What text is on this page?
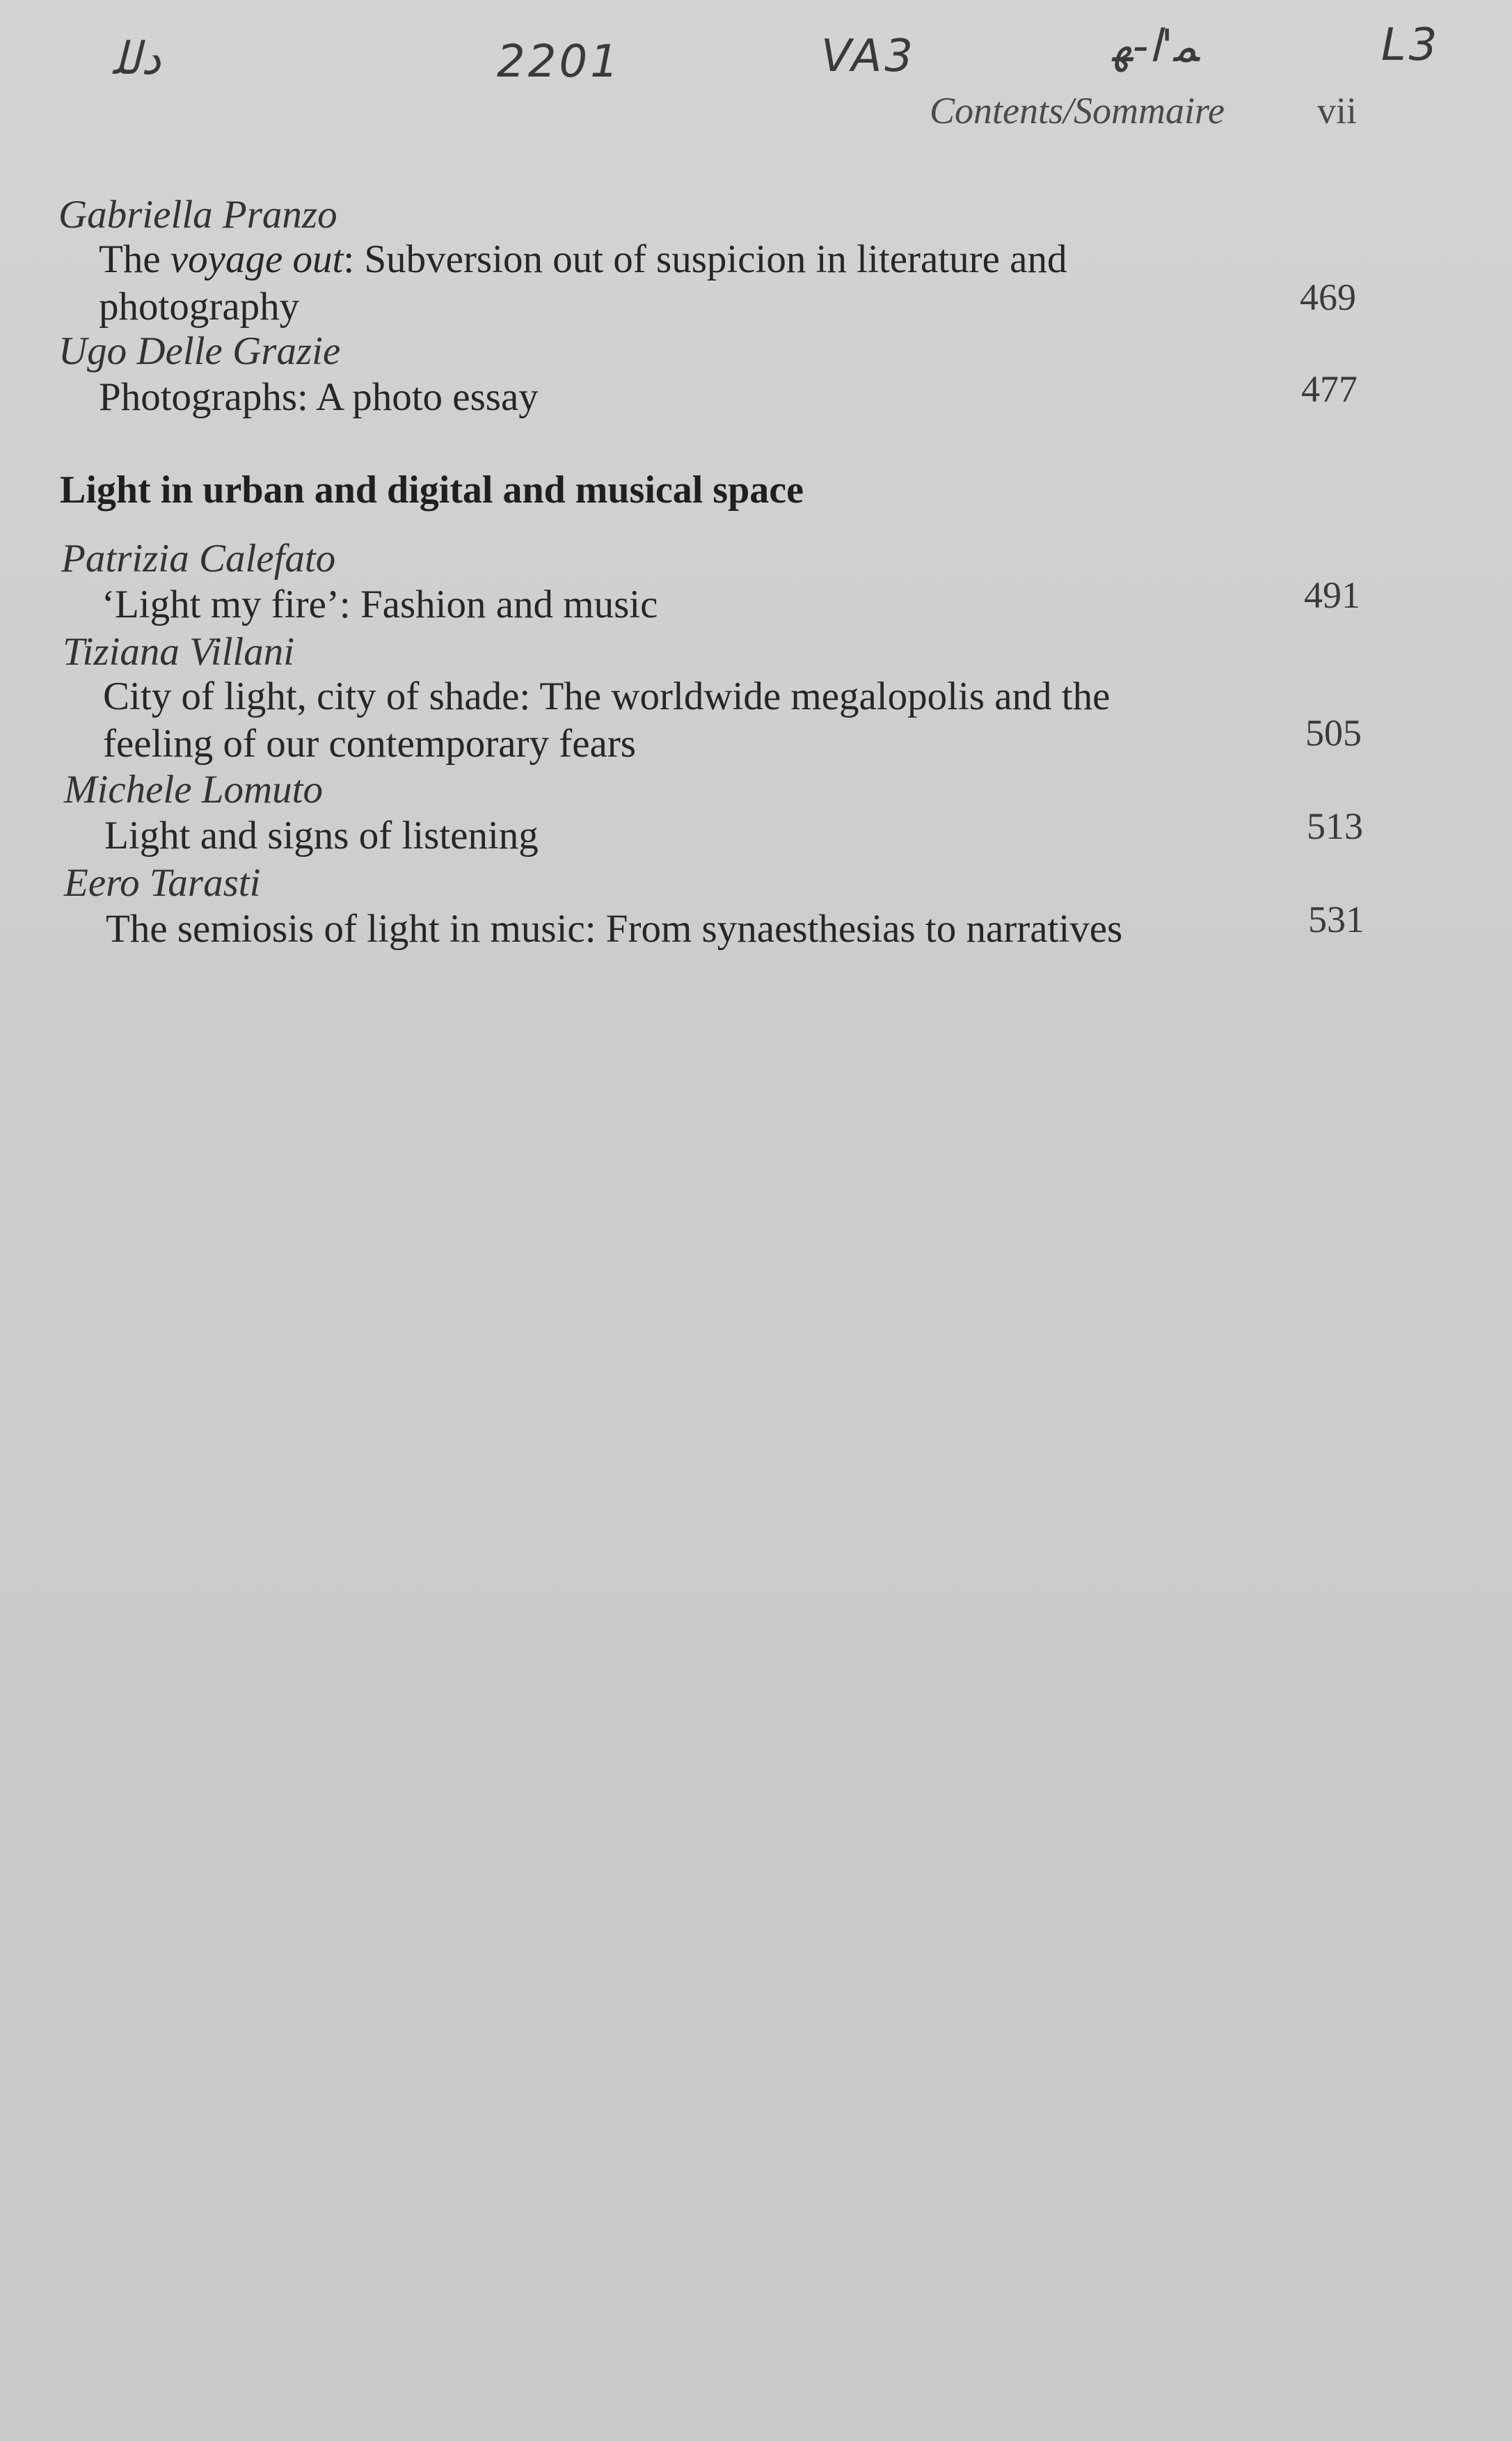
ﺩﻟﻠ	2201	VA3	ﻤ'ﺍ-ﻬ	L3
Contents/Sommaire vii
Gabriella Pranzo
The voyage out: Subversion out of suspicion in literature and
photography	469
Ugo Delle Grazie
Photographs: A photo essay	477
Light in urban and digital and musical space
Patrizia Calefato
‘Light my fire’: Fashion and music	491
Tiziana Villani
City of light, city of shade: The worldwide megalopolis and the
feeling of our contemporary fears	505
Michele Lomuto
Light and signs of listening	513
Eero Tarasti
The semiosis of light in music: From synaesthesias to narratives	531
